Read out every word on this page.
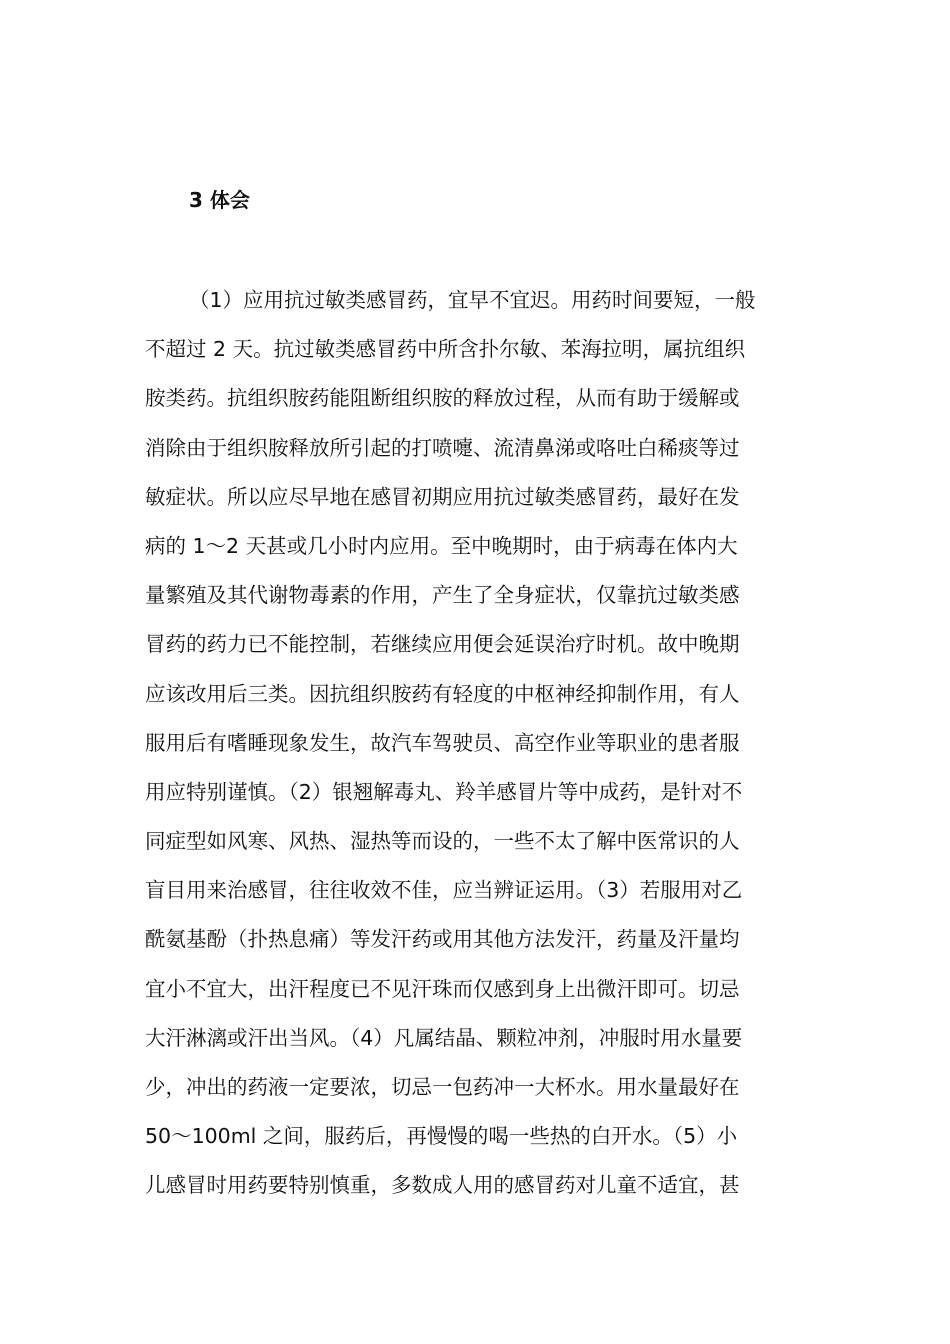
3 体会
（1）应用抗过敏类感冒药，宜早不宜迟。用药时间要短，一般
不超过 2 天。抗过敏类感冒药中所含扑尔敏、苯海拉明，属抗组织
胺类药。抗组织胺药能阻断组织胺的释放过程，从而有助于缓解或
消除由于组织胺释放所引起的打喷嚏、流清鼻涕或咯吐白稀痰等过
敏症状。所以应尽早地在感冒初期应用抗过敏类感冒药，最好在发
病的 1～2 天甚或几小时内应用。至中晚期时，由于病毒在体内大
量繁殖及其代谢物毒素的作用，产生了全身症状，仅靠抗过敏类感
冒药的药力已不能控制，若继续应用便会延误治疗时机。故中晚期
应该改用后三类。因抗组织胺药有轻度的中枢神经抑制作用，有人
服用后有嗜睡现象发生，故汽车驾驶员、高空作业等职业的患者服
用应特别谨慎。（2）银翘解毒丸、羚羊感冒片等中成药，是针对不
同症型如风寒、风热、湿热等而设的，一些不太了解中医常识的人
盲目用来治感冒，往往收效不佳，应当辨证运用。（3）若服用对乙
酰氨基酚（扑热息痛）等发汗药或用其他方法发汗，药量及汗量均
宜小不宜大，出汗程度已不见汗珠而仅感到身上出微汗即可。切忌
大汗淋漓或汗出当风。（4）凡属结晶、颗粒冲剂，冲服时用水量要
少，冲出的药液一定要浓，切忌一包药冲一大杯水。用水量最好在
50～100ml 之间，服药后，再慢慢的喝一些热的白开水。（5）小
儿感冒时用药要特别慎重，多数成人用的感冒药对儿童不适宜，甚
